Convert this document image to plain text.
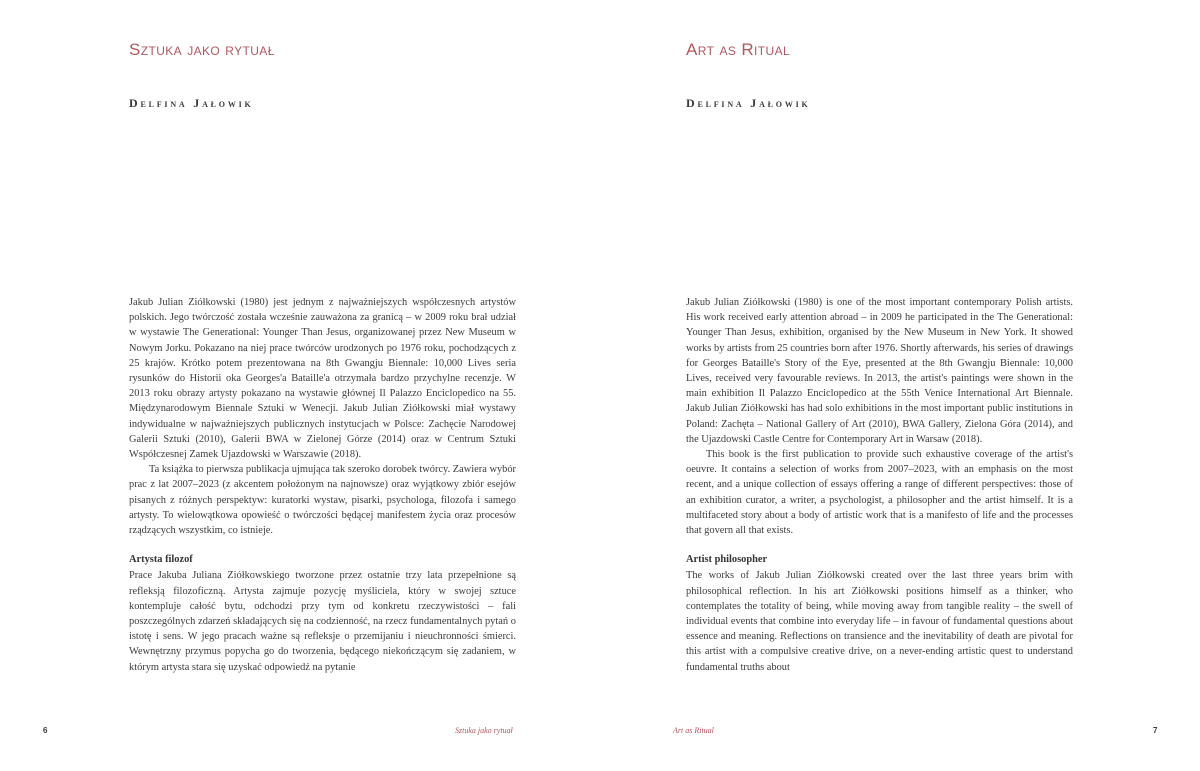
Sztuka jako rytuał
Delfina Jałowik

Jakub Julian Ziółkowski (1980) jest jednym z najważniejszych współczesnych artystów polskich. Jego twórczość została wcześnie zauważona za granicą – w 2009 roku brał udział w wystawie The Generational: Younger Than Jesus, organizowanej przez New Museum w Nowym Jorku. Pokazano na niej prace twórców urodzonych po 1976 roku, pochodzących z 25 krajów. Krótko potem prezentowana na 8th Gwangju Biennale: 10,000 Lives seria rysunków do Historii oka Georges'a Bataille'a otrzymała bardzo przychylne recenzje. W 2013 roku obrazy artysty pokazano na wystawie głównej Il Palazzo Enciclopedico na 55. Międzynarodowym Biennale Sztuki w Wenecji. Jakub Julian Ziółkowski miał wystawy indywidualne w najważniejszych publicznych instytucjach w Polsce: Zachęcie Narodowej Galerii Sztuki (2010), Galerii BWA w Zielonej Górze (2014) oraz w Centrum Sztuki Współczesnej Zamek Ujazdowski w Warszawie (2018).

Ta książka to pierwsza publikacja ujmująca tak szeroko dorobek twórcy. Zawiera wybór prac z lat 2007–2023 (z akcentem położonym na najnowsze) oraz wyjątkowy zbiór esejów pisanych z różnych perspektyw: kuratorki wystaw, pisarki, psychologa, filozofa i samego artysty. To wielowątkowa opowieść o twórczości będącej manifestem życia oraz procesów rządzących wszystkim, co istnieje.

Artysta filozof

Prace Jakuba Juliana Ziółkowskiego tworzone przez ostatnie trzy lata przepełnione są refleksją filozoficzną. Artysta zajmuje pozycję myśliciela, który w swojej sztuce kontempluje całość bytu, odchodzi przy tym od konkretu rzeczywistości – fali poszczególnych zdarzeń składających się na codzienność, na rzecz fundamentalnych pytań o istotę i sens. W jego pracach ważne są refleksje o przemijaniu i nieuchronności śmierci. Wewnętrzny przymus popycha go do tworzenia, będącego niekończącym się zadaniem, w którym artysta stara się uzyskać odpowiedź na pytanie

6	Sztuka jako rytuał
Art as Ritual
Delfina Jałowik

Jakub Julian Ziółkowski (1980) is one of the most important contemporary Polish artists. His work received early attention abroad – in 2009 he participated in the The Generational: Younger Than Jesus, exhibition, organised by the New Museum in New York. It showed works by artists from 25 countries born after 1976. Shortly afterwards, his series of drawings for Georges Bataille's Story of the Eye, presented at the 8th Gwangju Biennale: 10,000 Lives, received very favourable reviews. In 2013, the artist's paintings were shown in the main exhibition Il Palazzo Enciclopedico at the 55th Venice International Art Biennale. Jakub Julian Ziółkowski has had solo exhibitions in the most important public institutions in Poland: Zachęta – National Gallery of Art (2010), BWA Gallery, Zielona Góra (2014), and the Ujazdowski Castle Centre for Contemporary Art in Warsaw (2018).

This book is the first publication to provide such exhaustive coverage of the artist's oeuvre. It contains a selection of works from 2007–2023, with an emphasis on the most recent, and a unique collection of essays offering a range of different perspectives: those of an exhibition curator, a writer, a psychologist, a philosopher and the artist himself. It is a multifaceted story about a body of artistic work that is a manifesto of life and the processes that govern all that exists.

Artist philosopher

The works of Jakub Julian Ziółkowski created over the last three years brim with philosophical reflection. In his art Ziółkowski positions himself as a thinker, who contemplates the totality of being, while moving away from tangible reality – the swell of individual events that combine into everyday life – in favour of fundamental questions about essence and meaning. Reflections on transience and the inevitability of death are pivotal for this artist with a compulsive creative drive, on a never-ending artistic quest to understand fundamental truths about

Art as Ritual	7
